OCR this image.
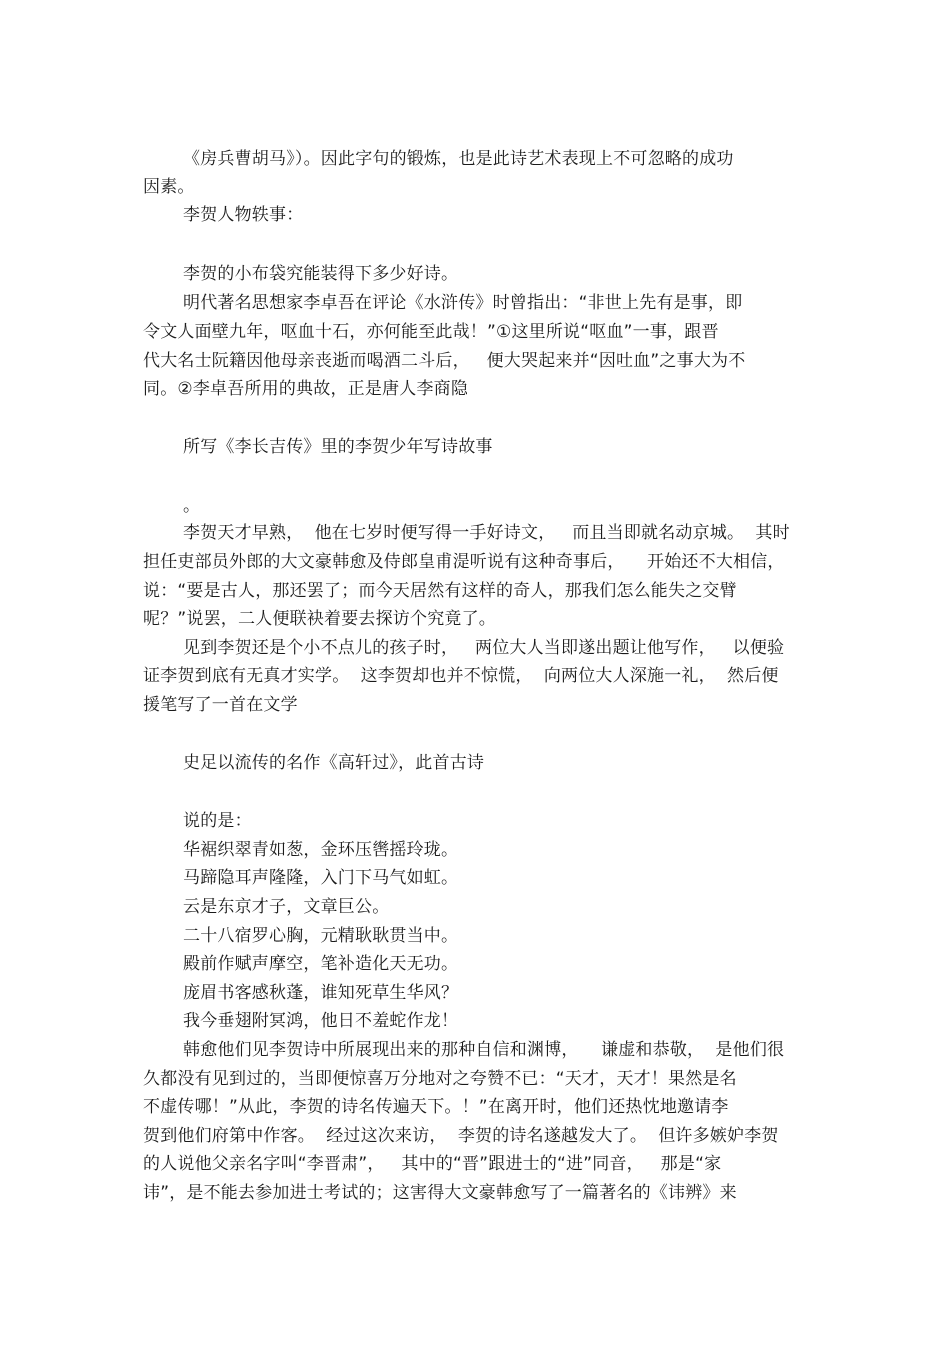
《房兵曹胡马》）。因此字句的锻炼，也是此诗艺术表现上不可忽略的成功
因素。
李贺人物轶事：
李贺的小布袋究能装得下多少好诗。
明代著名思想家李卓吾在评论《水浒传》时曾指出：“非世上先有是事，即
令文人面壁九年，呕血十石，亦何能至此哉！”①这里所说“呕血”一事，跟晋
代大名士阮籍因他母亲丧逝而喝酒二斗后，   便大哭起来并“因吐血”之事大为不
同。②李卓吾所用的典故，正是唐人李商隐
所写《李长吉传》里的李贺少年写诗故事
。
李贺天才早熟，  他在七岁时便写得一手好诗文，   而且当即就名动京城。  其时
担任吏部员外郎的大文豪韩愈及侍郎皇甫湜听说有这种奇事后，    开始还不大相信，
说：“要是古人，那还罢了；而今天居然有这样的奇人，那我们怎么能失之交臂
呢？”说罢，二人便联袂着要去探访个究竟了。
见到李贺还是个小不点儿的孩子时，   两位大人当即遂出题让他写作，   以便验
证李贺到底有无真才实学。  这李贺却也并不惊慌，  向两位大人深施一礼，  然后便
援笔写了一首在文学
史足以流传的名作《高轩过》，此首古诗
说的是：
华裾织翠青如葱，金环压辔摇玲珑。
马蹄隐耳声隆隆，入门下马气如虹。
云是东京才子，文章巨公。
二十八宿罗心胸，元精耿耿贯当中。
殿前作赋声摩空，笔补造化天无功。
庞眉书客感秋蓬，谁知死草生华风？
我今垂翅附冥鸿，他日不羞蛇作龙！
韩愈他们见李贺诗中所展现出来的那种自信和渊博，    谦虚和恭敬，  是他们很
久都没有见到过的，当即便惊喜万分地对之夸赞不已：“天才，天才！果然是名
不虚传哪！”从此，李贺的诗名传遍天下。！”在离开时，他们还热忱地邀请李
贺到他们府第中作客。  经过这次来访，  李贺的诗名遂越发大了。  但许多嫉妒李贺
的人说他父亲名字叫“李晋肃”，   其中的“晋”跟进士的“进”同音，   那是“家
讳”，是不能去参加进士考试的；这害得大文豪韩愈写了一篇著名的《讳辨》来
